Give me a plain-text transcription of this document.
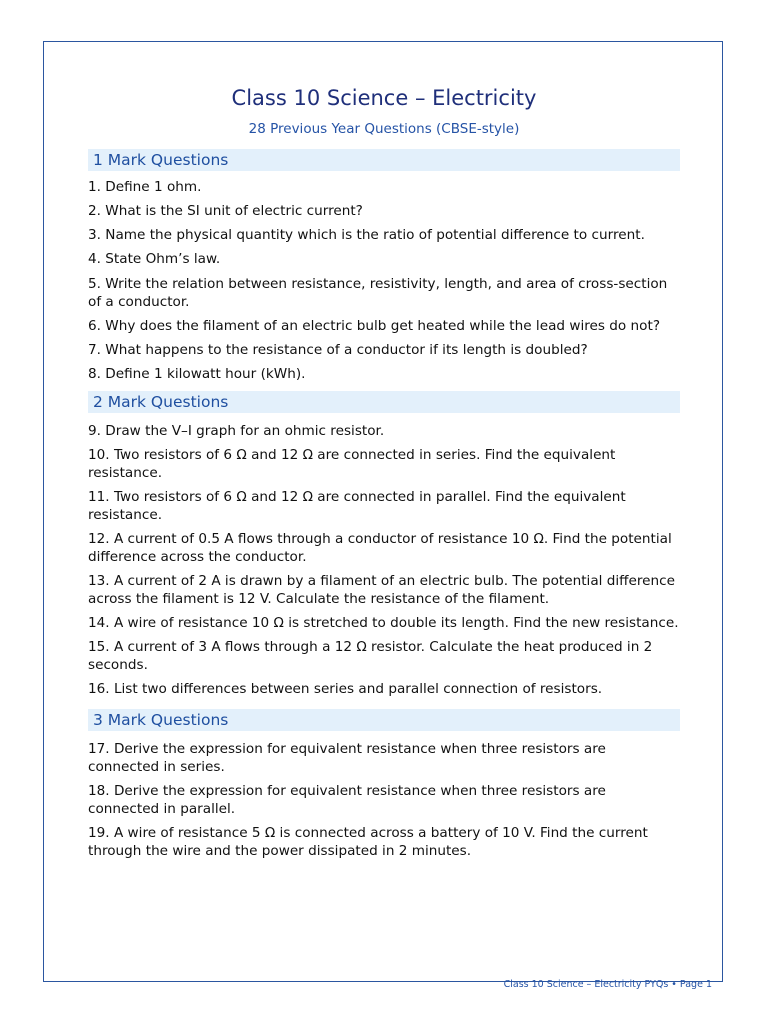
Class 10 Science – Electricity

28 Previous Year Questions (CBSE-style)

1 Mark Questions

1. Define 1 ohm.

2. What is the SI unit of electric current?

3. Name the physical quantity which is the ratio of potential difference to current.

4. State Ohm’s law.

5. Write the relation between resistance, resistivity, length, and area of cross-section of a conductor.

6. Why does the filament of an electric bulb get heated while the lead wires do not?

7. What happens to the resistance of a conductor if its length is doubled?

8. Define 1 kilowatt hour (kWh).

2 Mark Questions

9. Draw the V–I graph for an ohmic resistor.

10. Two resistors of 6 Ω and 12 Ω are connected in series. Find the equivalent resistance.

11. Two resistors of 6 Ω and 12 Ω are connected in parallel. Find the equivalent resistance.

12. A current of 0.5 A flows through a conductor of resistance 10 Ω. Find the potential difference across the conductor.

13. A current of 2 A is drawn by a filament of an electric bulb. The potential difference across the filament is 12 V. Calculate the resistance of the filament.

14. A wire of resistance 10 Ω is stretched to double its length. Find the new resistance.

15. A current of 3 A flows through a 12 Ω resistor. Calculate the heat produced in 2 seconds.

16. List two differences between series and parallel connection of resistors.

3 Mark Questions

17. Derive the expression for equivalent resistance when three resistors are connected in series.

18. Derive the expression for equivalent resistance when three resistors are connected in parallel.

19. A wire of resistance 5 Ω is connected across a battery of 10 V. Find the current through the wire and the power dissipated in 2 minutes.

Class 10 Science – Electricity PYQs • Page 1
